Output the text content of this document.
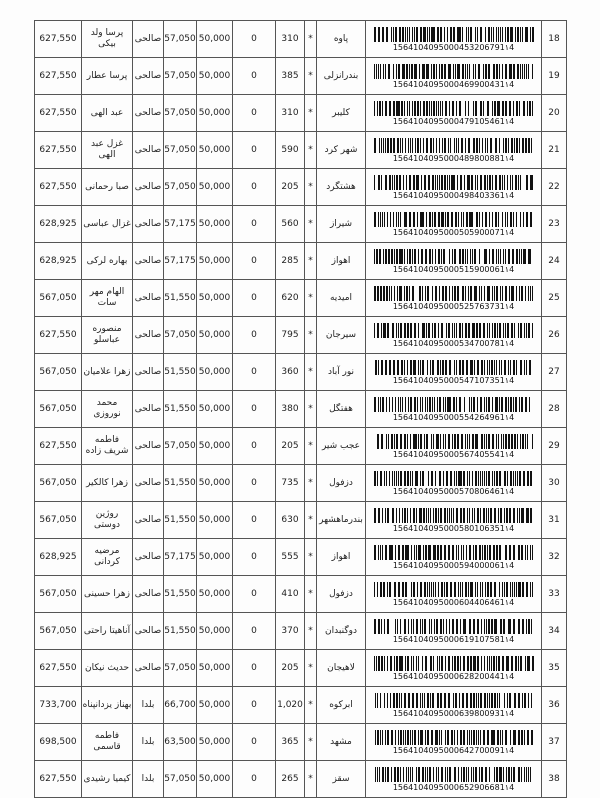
627,550	پرسا ولد بیکی	صالحی	57,050	50,000	0	310	*	پاوه	1564104095000453206791١4	18
627,550	پرسا عطار	صالحی	57,050	50,000	0	385	*	بندرانزلی	1564104095000469900431١4	19
627,550	عبد الهی	صالحی	57,050	50,000	0	310	*	کلیبر	1564104095000479105461١4	20
627,550	غزل عبد الهی	صالحی	57,050	50,000	0	590	*	شهر کرد	1564104095000489800881١4	21
627,550	صبا رحمانی	صالحی	57,050	50,000	0	205	*	هشتگرد	1564104095000498403361١4	22
628,925	غزال عباسی	صالحی	57,175	50,000	0	560	*	شیراز	1564104095000505900071١4	23
628,925	بهاره لرکی	صالحی	57,175	50,000	0	285	*	اهواز	1564104095000515900061١4	24
567,050	الهام مهر سات	صالحی	51,550	50,000	0	620	*	امیدیه	1564104095000525763731١4	25
627,550	منصوره عباسلو	صالحی	57,050	50,000	0	795	*	سیرجان	1564104095000534700781١4	26
567,050	زهرا علامیان	صالحی	51,550	50,000	0	360	*	نور آباد	1564104095000547107351١4	27
567,050	محمد نوروزی	صالحی	51,550	50,000	0	380	*	هفتگل	1564104095000554264961١4	28
627,550	فاطمه شریف زاده	صالحی	57,050	50,000	0	205	*	عجب شیر	1564104095000567405541١4	29
567,050	زهرا کالکیر	صالحی	51,550	50,000	0	735	*	دزفول	1564104095000570806461١4	30
567,050	روژین دوستی	صالحی	51,550	50,000	0	630	*	بندرماهشهر	1564104095000580106351١4	31
628,925	مرضیه کردانی	صالحی	57,175	50,000	0	555	*	اهواز	1564104095000594000061١4	32
567,050	زهرا حسینی	صالحی	51,550	50,000	0	410	*	دزفول	1564104095000604406461١4	33
567,050	آناهیتا راحتی	صالحی	51,550	50,000	0	370	*	دوگنبدان	1564104095000619107581١4	34
627,550	حدیث نیکان	صالحی	57,050	50,000	0	205	*	لاهیجان	1564104095000628200441١4	35
733,700	بهناز یزدانپناه	بلدا	66,700	50,000	0	1,020	*	ابرکوه	1564104095000639800931١4	36
698,500	فاطمه قاسمی	بلدا	63,500	50,000	0	365	*	مشهد	1564104095000642700091١4	37
627,550	کیمیا رشیدی	بلدا	57,050	50,000	0	265	*	سقز	1564104095000652906681١4	38
